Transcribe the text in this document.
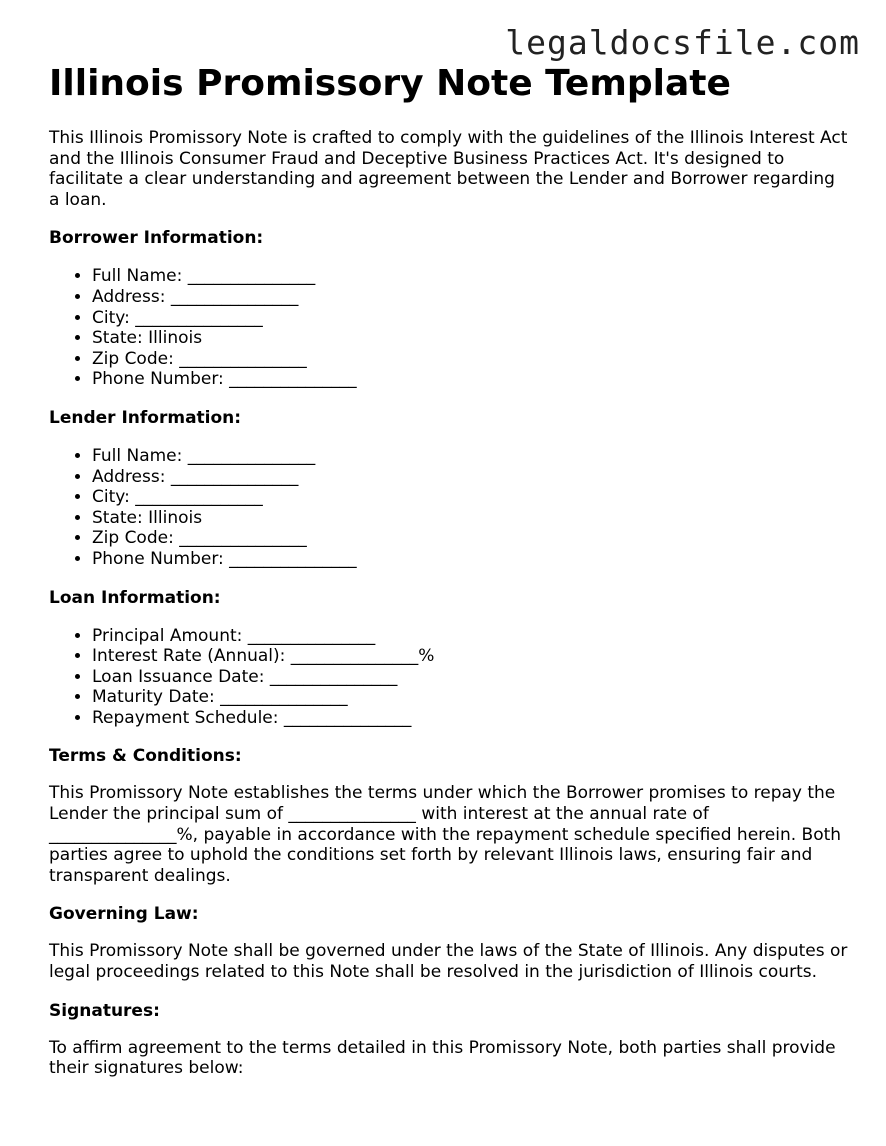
legaldocsfile.com
Illinois Promissory Note Template

This Illinois Promissory Note is crafted to comply with the guidelines of the Illinois Interest Act and the Illinois Consumer Fraud and Deceptive Business Practices Act. It's designed to facilitate a clear understanding and agreement between the Lender and Borrower regarding a loan.

Borrower Information:
• Full Name: _______________
• Address: _______________
• City: _______________
• State: Illinois
• Zip Code: _______________
• Phone Number: _______________
Lender Information:
• Full Name: _______________
• Address: _______________
• City: _______________
• State: Illinois
• Zip Code: _______________
• Phone Number: _______________
Loan Information:
• Principal Amount: _______________
• Interest Rate (Annual): _______________%
• Loan Issuance Date: _______________
• Maturity Date: _______________
• Repayment Schedule: _______________
Terms & Conditions:

This Promissory Note establishes the terms under which the Borrower promises to repay the Lender the principal sum of _______________ with interest at the annual rate of _______________%, payable in accordance with the repayment schedule specified herein. Both parties agree to uphold the conditions set forth by relevant Illinois laws, ensuring fair and transparent dealings.

Governing Law:

This Promissory Note shall be governed under the laws of the State of Illinois. Any disputes or legal proceedings related to this Note shall be resolved in the jurisdiction of Illinois courts.

Signatures:

To affirm agreement to the terms detailed in this Promissory Note, both parties shall provide their signatures below:
